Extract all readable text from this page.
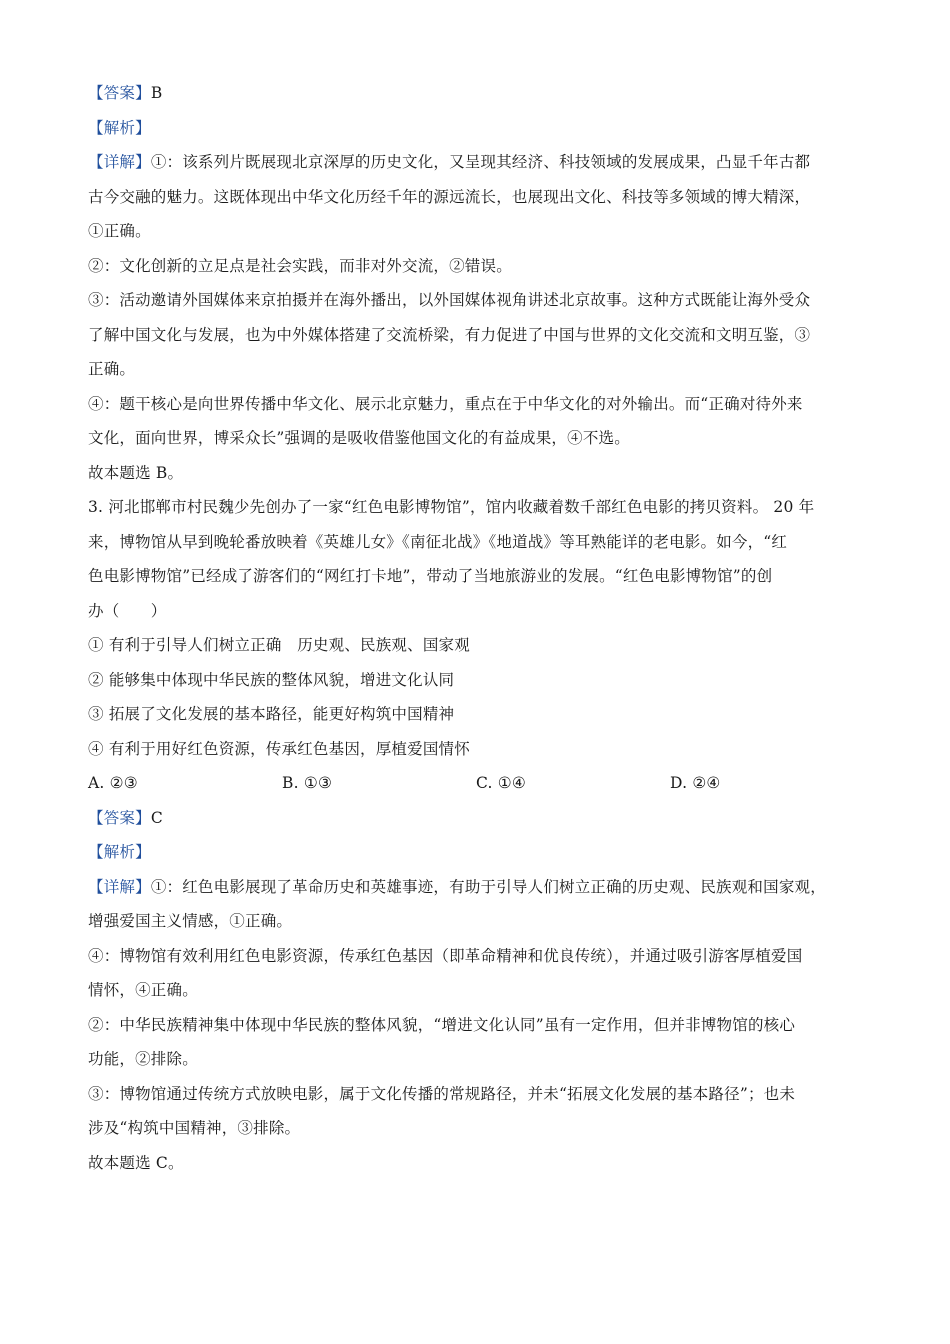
【答案】B
【解析】
【详解】①：该系列片既展现北京深厚的历史文化，又呈现其经济、科技领域的发展成果，凸显千年古都
古今交融的魅力。这既体现出中华文化历经千年的源远流长，也展现出文化、科技等多领域的博大精深，
①正确。
②：文化创新的立足点是社会实践，而非对外交流，②错误。
③：活动邀请外国媒体来京拍摄并在海外播出，以外国媒体视角讲述北京故事。这种方式既能让海外受众
了解中国文化与发展，也为中外媒体搭建了交流桥梁，有力促进了中国与世界的文化交流和文明互鉴，③
正确。
④：题干核心是向世界传播中华文化、展示北京魅力，重点在于中华文化的对外输出。而“正确对待外来
文化，面向世界，博采众长”强调的是吸收借鉴他国文化的有益成果，④不选。
故本题选 B。
3. 河北邯郸市村民魏少先创办了一家“红色电影博物馆”，馆内收藏着数千部红色电影的拷贝资料。 20 年
来，博物馆从早到晚轮番放映着《英雄儿女》《南征北战》《地道战》等耳熟能详的老电影。如今，“红
色电影博物馆”已经成了游客们的“网红打卡地”，带动了当地旅游业的发展。“红色电影博物馆”的创
办（　　）
① 有利于引导人们树立正确　历史观、民族观、国家观
② 能够集中体现中华民族的整体风貌，增进文化认同
③ 拓展了文化发展的基本路径，能更好构筑中国精神
④ 有利于用好红色资源，传承红色基因，厚植爱国情怀
A. ②③	B. ①③	C. ①④	D. ②④
【答案】C
【解析】
【详解】①：红色电影展现了革命历史和英雄事迹，有助于引导人们树立正确的历史观、民族观和国家观，
增强爱国主义情感，①正确。
④：博物馆有效利用红色电影资源，传承红色基因（即革命精神和优良传统），并通过吸引游客厚植爱国
情怀，④正确。
②：中华民族精神集中体现中华民族的整体风貌，“增进文化认同”虽有一定作用，但并非博物馆的核心
功能，②排除。
③：博物馆通过传统方式放映电影，属于文化传播的常规路径，并未“拓展文化发展的基本路径”；也未
涉及“构筑中国精神，③排除。
故本题选 C。
